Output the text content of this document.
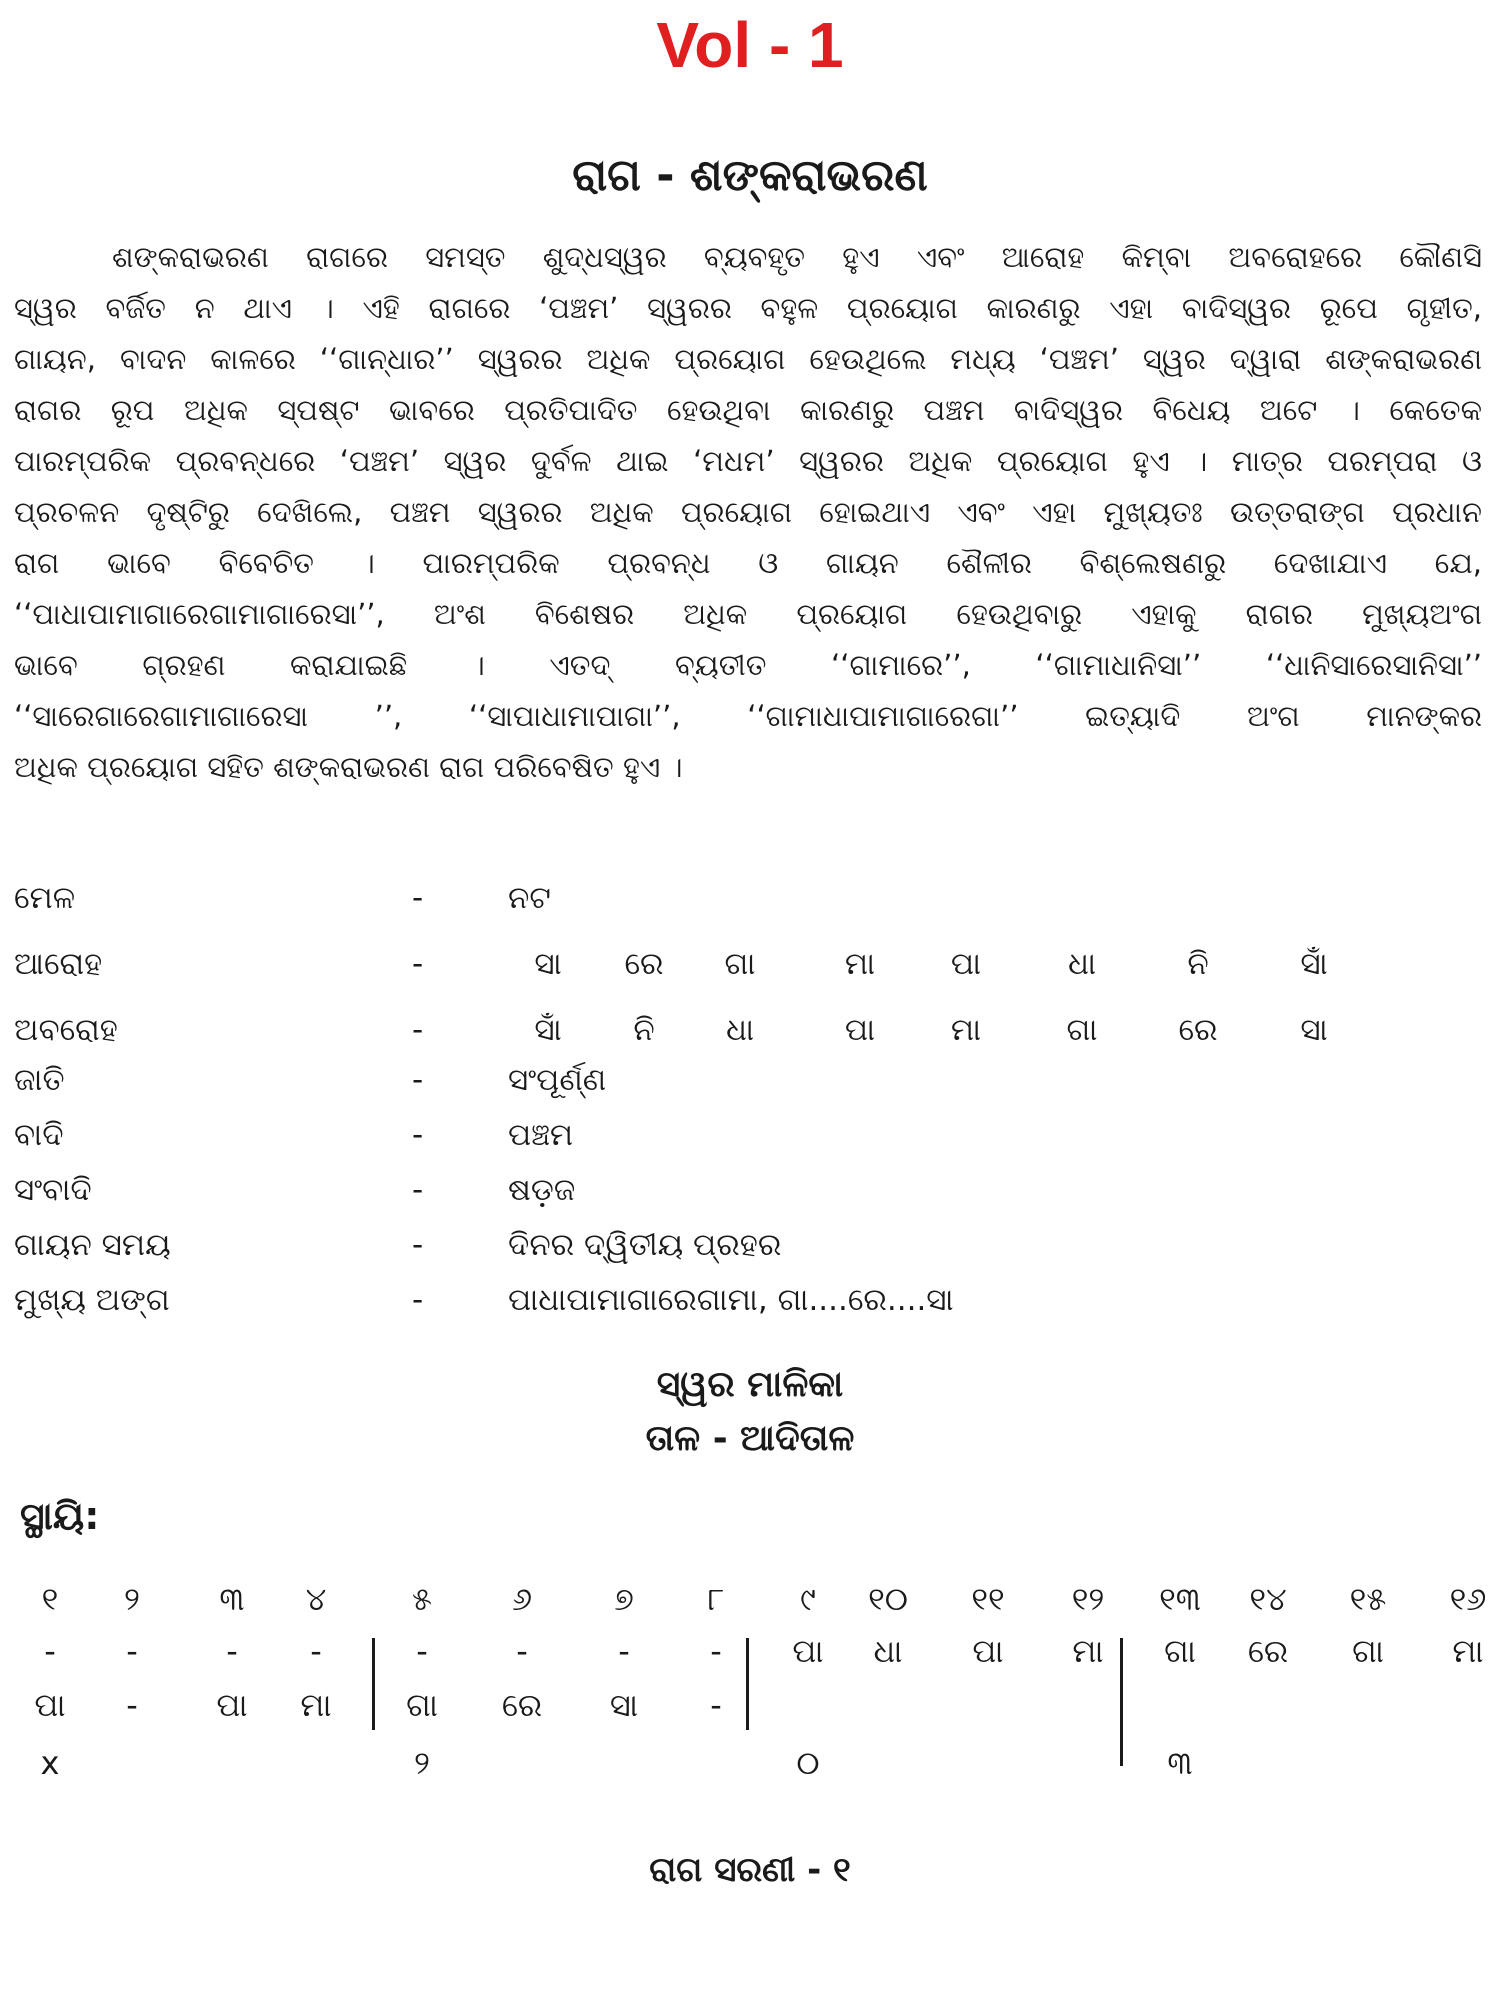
Vol - 1
ରାଗ - ଶଙ୍କରାଭରଣ
ଶଙ୍କରାଭରଣ ରାଗରେ ସମସ୍ତ ଶୁଦ୍ଧସ୍ୱର ବ୍ୟବହୃତ ହୁଏ ଏବଂ ଆରୋହ କିମ୍ବା ଅବରୋହରେ କୌଣସି
ସ୍ୱର ବର୍ଜିତ ନ ଥାଏ । ଏହି ରାଗରେ ‘ପଞ୍ଚମ’ ସ୍ୱରର ବହୁଳ ପ୍ରୟୋଗ କାରଣରୁ ଏହା ବାଦିସ୍ୱର ରୂପେ ଗୃହୀତ,
ଗାୟନ, ବାଦନ କାଳରେ ‘‘ଗାନ୍ଧାର’’ ସ୍ୱରର ଅଧିକ ପ୍ରୟୋଗ ହେଉଥିଲେ ମଧ୍ୟ ‘ପଞ୍ଚମ’ ସ୍ୱର ଦ୍ୱାରା ଶଙ୍କରାଭରଣ
ରାଗର ରୂପ ଅଧିକ ସ୍ପଷ୍ଟ ଭାବରେ ପ୍ରତିପାଦିତ ହେଉଥିବା କାରଣରୁ ପଞ୍ଚମ ବାଦିସ୍ୱର ବିଧେୟ ଅଟେ । କେତେକ
ପାରମ୍ପରିକ ପ୍ରବନ୍ଧରେ ‘ପଞ୍ଚମ’ ସ୍ୱର ଦୁର୍ବଳ ଥାଇ ‘ମଧମ’ ସ୍ୱରର ଅଧିକ ପ୍ରୟୋଗ ହୁଏ । ମାତ୍ର ପରମ୍ପରା ଓ
ପ୍ରଚଳନ ଦୃଷ୍ଟିରୁ ଦେଖିଲେ, ପଞ୍ଚମ ସ୍ୱରର ଅଧିକ ପ୍ରୟୋଗ ହୋଇଥାଏ ଏବଂ ଏହା ମୁଖ୍ୟତଃ ଉତ୍ତରାଙ୍ଗ ପ୍ରଧାନ
ରାଗ ଭାବେ ବିବେଚିତ । ପାରମ୍ପରିକ ପ୍ରବନ୍ଧ ଓ ଗାୟନ ଶୈଳୀର ବିଶ୍ଲେଷଣରୁ ଦେଖାଯାଏ ଯେ,
‘‘ପାଧାପାମାଗାରେଗାମାଗାରେସା’’, ଅଂଶ ବିଶେଷର ଅଧିକ ପ୍ରୟୋଗ ହେଉଥିବାରୁ ଏହାକୁ ରାଗର ମୁଖ୍ୟଅଂଗ
ଭାବେ ଗ୍ରହଣ କରାଯାଇଛି । ଏତଦ୍ ବ୍ୟତୀତ ‘‘ଗାମାରେ’’, ‘‘ଗାମାଧାନିସା’’ ‘‘ଧାନିସାରେସାନିସା’’
‘‘ସାରେଗାରେଗାମାଗାରେସା ’’, ‘‘ସାପାଧାମାପାଗା’’, ‘‘ଗାମାଧାପାମାଗାରେଗା’’ ଇତ୍ୟାଦି ଅଂଗ ମାନଙ୍କର
ଅଧିକ ପ୍ରୟୋଗ ସହିତ ଶଙ୍କରାଭରଣ ରାଗ ପରିବେଷିତ ହୁଏ ।
ମେଳ	-	ନଟ
ଆରୋହ	-	ସା	ରେ	ଗା	ମା	ପା	ଧା	ନି	ସାଁ
ଅବରୋହ	-	ସାଁ	ନି	ଧା	ପା	ମା	ଗା	ରେ	ସା
ଜାତି	-	ସଂପୂର୍ଣ୍ଣ
ବାଦି	-	ପଞ୍ଚମ
ସଂବାଦି	-	ଷଡ଼ଜ
ଗାୟନ ସମୟ	-	ଦିନର ଦ୍ୱିତୀୟ ପ୍ରହର
ମୁଖ୍ୟ ଅଙ୍ଗ	-	ପାଧାପାମାଗାରେଗାମା, ଗା....ରେ....ସା
ସ୍ୱର ମାଳିକା
ତାଳ - ଆଦିତାଳ
ସ୍ଥାୟି:
୧	୨	୩	୪	୫	୬	୭	୮	୯	୧୦	୧୧	୧୨	୧୩	୧୪	୧୫	୧୬
-	-	-	-	-	-	-	-	ପା	ଧା	ପା	ମା	ଗା	ରେ	ଗା	ମା
ପା	-	ପା	ମା	ଗା	ରେ	ସା	-
x	୨	୦	୩
ରାଗ ସରଣୀ - ୧
